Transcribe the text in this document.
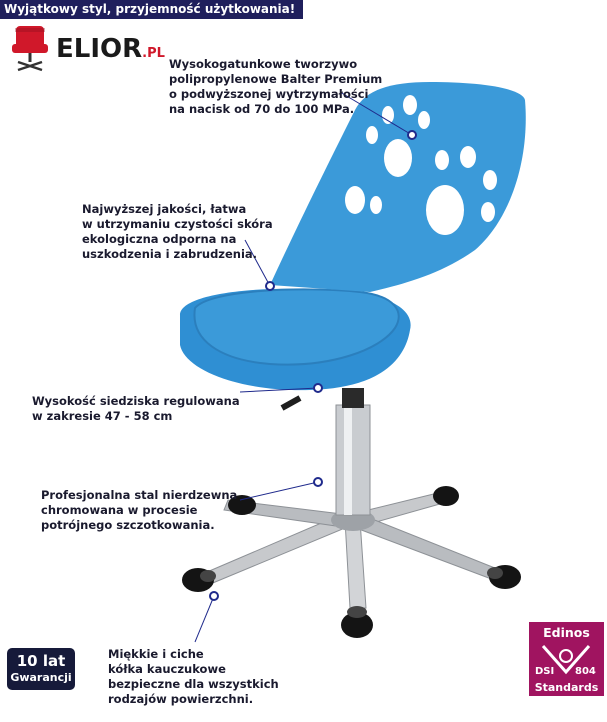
Wyjątkowy styl, przyjemność użytkowania!
ELIOR.PL

Wysokogatunkowe tworzywo
polipropylenowe Balter Premium
o podwyższonej wytrzymałości
na nacisk od 70 do 100 MPa.

Najwyższej jakości, łatwa
w utrzymaniu czystości skóra
ekologiczna odporna na
uszkodzenia i zabrudzenia.

Wysokość siedziska regulowana
w zakresie 47 - 58 cm

Profesjonalna stal nierdzewna
chromowana w procesie
potrójnego szczotkowania.

Miękkie i ciche
kółka kauczukowe
bezpieczne dla wszystkich
rodzajów powierzchni.

10 lat
Gwarancji
Edinos
DSI 804
Standards
